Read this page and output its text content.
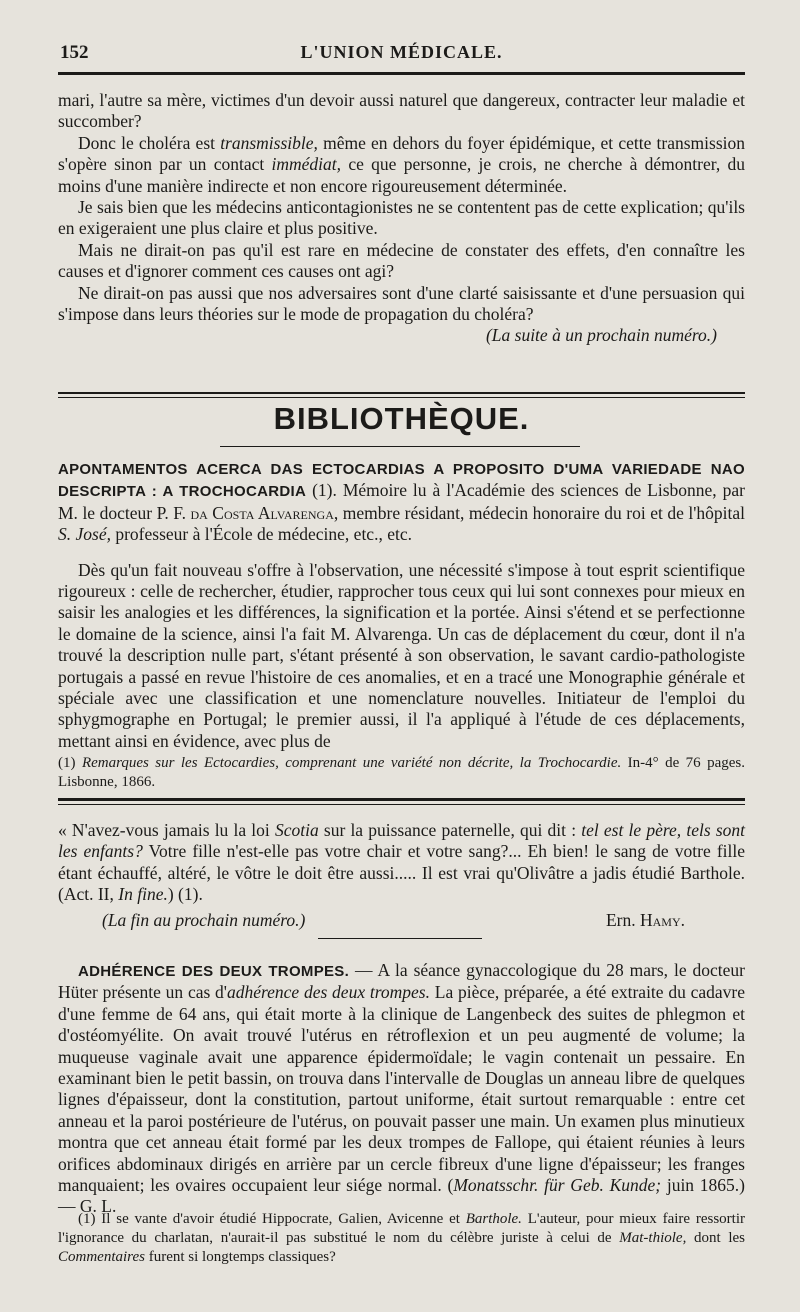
152	L'UNION MÉDICALE.

mari, l'autre sa mère, victimes d'un devoir aussi naturel que dangereux, contracter leur maladie et succomber?

Donc le choléra est transmissible, même en dehors du foyer épidémique, et cette transmission s'opère sinon par un contact immédiat, ce que personne, je crois, ne cherche à démontrer, du moins d'une manière indirecte et non encore rigoureusement déterminée.

Je sais bien que les médecins anticontagionistes ne se contentent pas de cette explication; qu'ils en exigeraient une plus claire et plus positive.

Mais ne dirait-on pas qu'il est rare en médecine de constater des effets, d'en connaître les causes et d'ignorer comment ces causes ont agi?

Ne dirait-on pas aussi que nos adversaires sont d'une clarté saisissante et d'une persuasion qui s'impose dans leurs théories sur le mode de propagation du choléra?

(La suite à un prochain numéro.)

BIBLIOTHÈQUE.

APONTAMENTOS ACERCA DAS ECTOCARDIAS A PROPOSITO D'UMA VARIEDADE NAO DESCRIPTA : A TROCHOCARDIA (1). Mémoire lu à l'Académie des sciences de Lisbonne, par M. le docteur P. F. da Costa Alvarenga, membre résidant, médecin honoraire du roi et de l'hôpital S. José, professeur à l'École de médecine, etc., etc.

Dès qu'un fait nouveau s'offre à l'observation, une nécessité s'impose à tout esprit scientifique rigoureux : celle de rechercher, étudier, rapprocher tous ceux qui lui sont connexes pour mieux en saisir les analogies et les différences, la signification et la portée. Ainsi s'étend et se perfectionne le domaine de la science, ainsi l'a fait M. Alvarenga. Un cas de déplacement du cœur, dont il n'a trouvé la description nulle part, s'étant présenté à son observation, le savant cardio-pathologiste portugais a passé en revue l'histoire de ces anomalies, et en a tracé une Monographie générale et spéciale avec une classification et une nomenclature nouvelles. Initiateur de l'emploi du sphygmographe en Portugal; le premier aussi, il l'a appliqué à l'étude de ces déplacements, mettant ainsi en évidence, avec plus de

(1) Remarques sur les Ectocardies, comprenant une variété non décrite, la Trochocardie. In-4° de 76 pages. Lisbonne, 1866.

« N'avez-vous jamais lu la loi Scotia sur la puissance paternelle, qui dit : tel est le père, tels sont les enfants? Votre fille n'est-elle pas votre chair et votre sang?... Eh bien! le sang de votre fille étant échauffé, altéré, le vôtre le doit être aussi..... Il est vrai qu'Olivâtre a jadis étudié Barthole. (Act. II, In fine.) (1).

(La fin au prochain numéro.)	Ern. Hamy.

ADHÉRENCE DES DEUX TROMPES. — A la séance gynaccologique du 28 mars, le docteur Hüter présente un cas d'adhérence des deux trompes. La pièce, préparée, a été extraite du cadavre d'une femme de 64 ans, qui était morte à la clinique de Langenbeck des suites de phlegmon et d'ostéomyélite. On avait trouvé l'utérus en rétroflexion et un peu augmenté de volume; la muqueuse vaginale avait une apparence épidermoïdale; le vagin contenait un pessaire. En examinant bien le petit bassin, on trouva dans l'intervalle de Douglas un anneau libre de quelques lignes d'épaisseur, dont la constitution, partout uniforme, était surtout remarquable : entre cet anneau et la paroi postérieure de l'utérus, on pouvait passer une main. Un examen plus minutieux montra que cet anneau était formé par les deux trompes de Fallope, qui étaient réunies à leurs orifices abdominaux dirigés en arrière par un cercle fibreux d'une ligne d'épaisseur; les franges manquaient; les ovaires occupaient leur siége normal. (Monatsschr. für Geb. Kunde; juin 1865.) — G. L.

(1) Il se vante d'avoir étudié Hippocrate, Galien, Avicenne et Barthole. L'auteur, pour mieux faire ressortir l'ignorance du charlatan, n'aurait-il pas substitué le nom du célèbre juriste à celui de Mat-thiole, dont les Commentaires furent si longtemps classiques?
